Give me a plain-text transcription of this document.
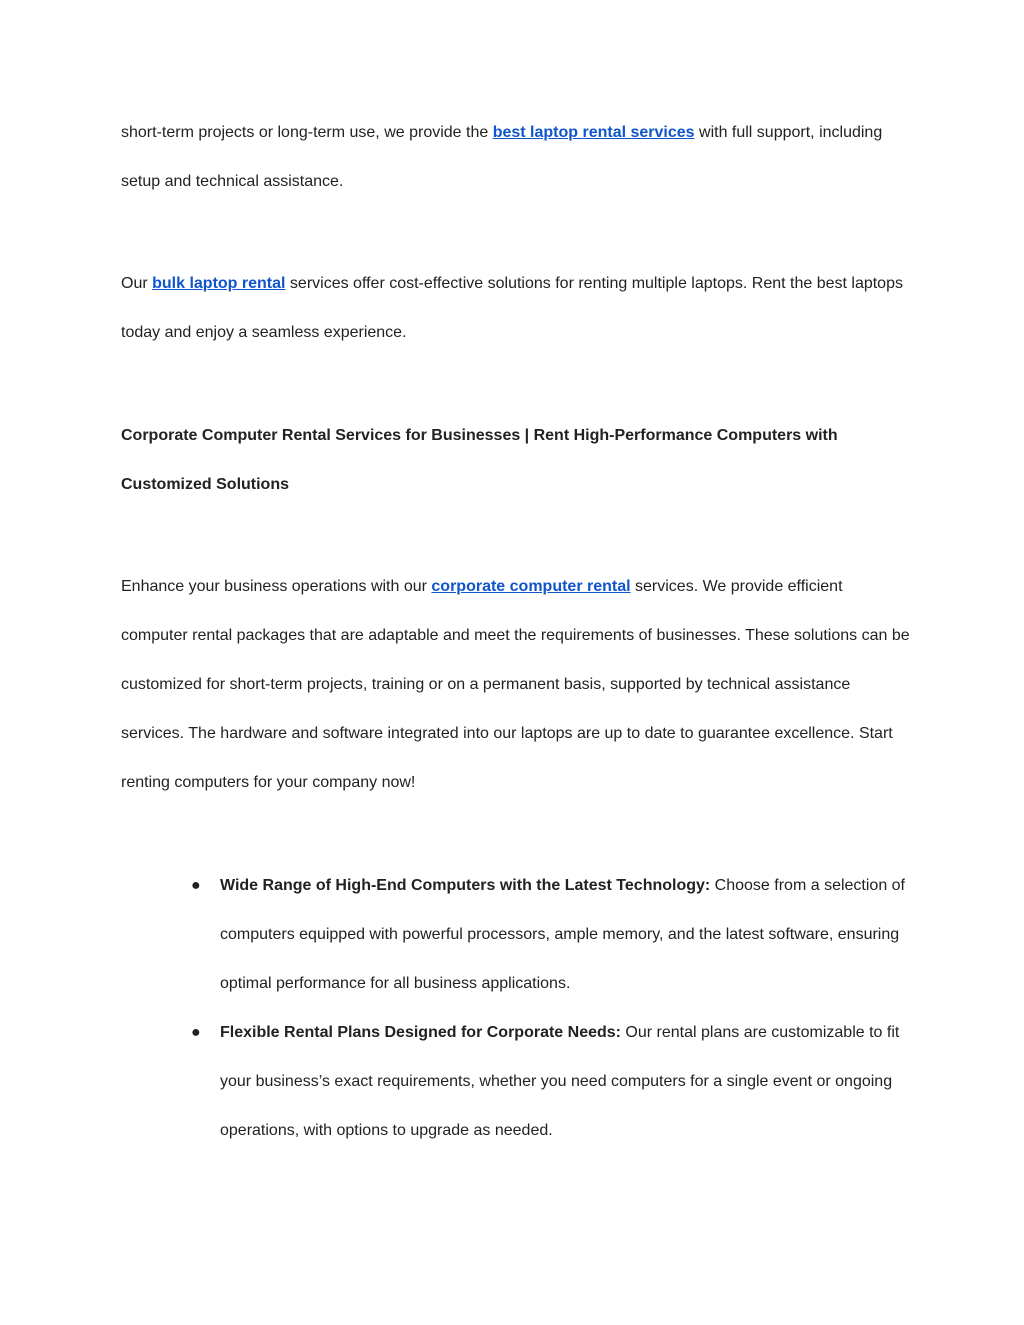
short-term projects or long-term use, we provide the best laptop rental services with full support, including setup and technical assistance.

Our bulk laptop rental services offer cost-effective solutions for renting multiple laptops. Rent the best laptops today and enjoy a seamless experience.

Corporate Computer Rental Services for Businesses | Rent High-Performance Computers with Customized Solutions

Enhance your business operations with our corporate computer rental services. We provide efficient computer rental packages that are adaptable and meet the requirements of businesses. These solutions can be customized for short-term projects, training or on a permanent basis, supported by technical assistance services. The hardware and software integrated into our laptops are up to date to guarantee excellence. Start renting computers for your company now!

● Wide Range of High-End Computers with the Latest Technology: Choose from a selection of computers equipped with powerful processors, ample memory, and the latest software, ensuring optimal performance for all business applications.
● Flexible Rental Plans Designed for Corporate Needs: Our rental plans are customizable to fit your business’s exact requirements, whether you need computers for a single event or ongoing operations, with options to upgrade as needed.
